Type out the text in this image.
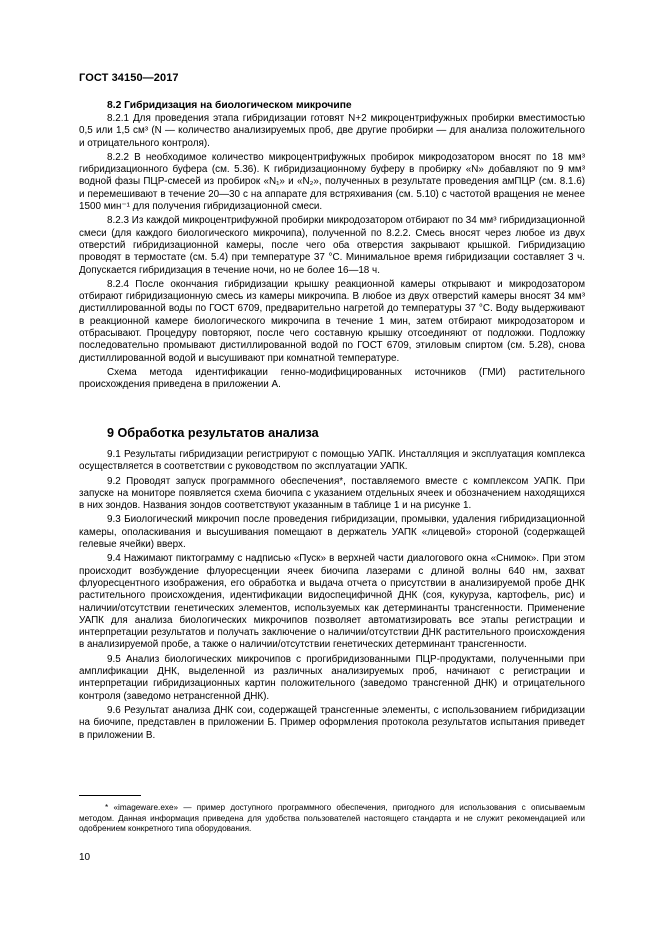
ГОСТ 34150—2017
8.2 Гибридизация на биологическом микрочипе

8.2.1 Для проведения этапа гибридизации готовят N+2 микроцентрифужных пробирки вместимостью 0,5 или 1,5 см³ (N — количество анализируемых проб, две другие пробирки — для анализа положительного и отрицательного контроля).

8.2.2 В необходимое количество микроцентрифужных пробирок микродозатором вносят по 18 мм³ гибридизационного буфера (см. 5.36). К гибридизационному буферу в пробирку «N» добавляют по 9 мм³ водной фазы ПЦР-смесей из пробирок «N₁» и «N₂», полученных в результате проведения амПЦР (см. 8.1.6) и перемешивают в течение 20—30 с на аппарате для встряхивания (см. 5.10) с частотой вращения не менее 1500 мин⁻¹ для получения гибридизационной смеси.

8.2.3 Из каждой микроцентрифужной пробирки микродозатором отбирают по 34 мм³ гибридизационной смеси (для каждого биологического микрочипа), полученной по 8.2.2. Смесь вносят через любое из двух отверстий гибридизационной камеры, после чего оба отверстия закрывают крышкой. Гибридизацию проводят в термостате (см. 5.4) при температуре 37 °С. Минимальное время гибридизации составляет 3 ч. Допускается гибридизация в течение ночи, но не более 16—18 ч.

8.2.4 После окончания гибридизации крышку реакционной камеры открывают и микродозатором отбирают гибридизационную смесь из камеры микрочипа. В любое из двух отверстий камеры вносят 34 мм³ дистиллированной воды по ГОСТ 6709, предварительно нагретой до температуры 37 °С. Воду выдерживают в реакционной камере биологического микрочипа в течение 1 мин, затем отбирают микродозатором и отбрасывают. Процедуру повторяют, после чего составную крышку отсоединяют от подложки. Подложку последовательно промывают дистиллированной водой по ГОСТ 6709, этиловым спиртом (см. 5.28), снова дистиллированной водой и высушивают при комнатной температуре.

Схема метода идентификации генно-модифицированных источников (ГМИ) растительного происхождения приведена в приложении А.

9 Обработка результатов анализа

9.1 Результаты гибридизации регистрируют с помощью УАПК. Инсталляция и эксплуатация комплекса осуществляется в соответствии с руководством по эксплуатации УАПК.

9.2 Проводят запуск программного обеспечения*, поставляемого вместе с комплексом УАПК. При запуске на мониторе появляется схема биочипа с указанием отдельных ячеек и обозначением находящихся в них зондов. Названия зондов соответствуют указанным в таблице 1 и на рисунке 1.

9.3 Биологический микрочип после проведения гибридизации, промывки, удаления гибридизационной камеры, ополаскивания и высушивания помещают в держатель УАПК «лицевой» стороной (содержащей гелевые ячейки) вверх.

9.4 Нажимают пиктограмму с надписью «Пуск» в верхней части диалогового окна «Снимок». При этом происходит возбуждение флуоресценции ячеек биочипа лазерами с длиной волны 640 нм, захват флуоресцентного изображения, его обработка и выдача отчета о присутствии в анализируемой пробе ДНК растительного происхождения, идентификации видоспецифичной ДНК (соя, кукуруза, картофель, рис) и наличии/отсутствии генетических элементов, используемых как детерминанты трансгенности. Применение УАПК для анализа биологических микрочипов позволяет автоматизировать все этапы регистрации и интерпретации результатов и получать заключение о наличии/отсутствии ДНК растительного происхождения в анализируемой пробе, а также о наличии/отсутствии генетических детерминант трансгенности.

9.5 Анализ биологических микрочипов с прогибридизованными ПЦР-продуктами, полученными при амплификации ДНК, выделенной из различных анализируемых проб, начинают с регистрации и интерпретации гибридизационных картин положительного (заведомо трансгенной ДНК) и отрицательного контроля (заведомо нетрансгенной ДНК).

9.6 Результат анализа ДНК сои, содержащей трансгенные элементы, с использованием гибридизации на биочипе, представлен в приложении Б. Пример оформления протокола результатов испытания приведет в приложении В.

* «imageware.exe» — пример доступного программного обеспечения, пригодного для использования с описываемым методом. Данная информация приведена для удобства пользователей настоящего стандарта и не служит рекомендацией или одобрением конкретного типа оборудования.

10
